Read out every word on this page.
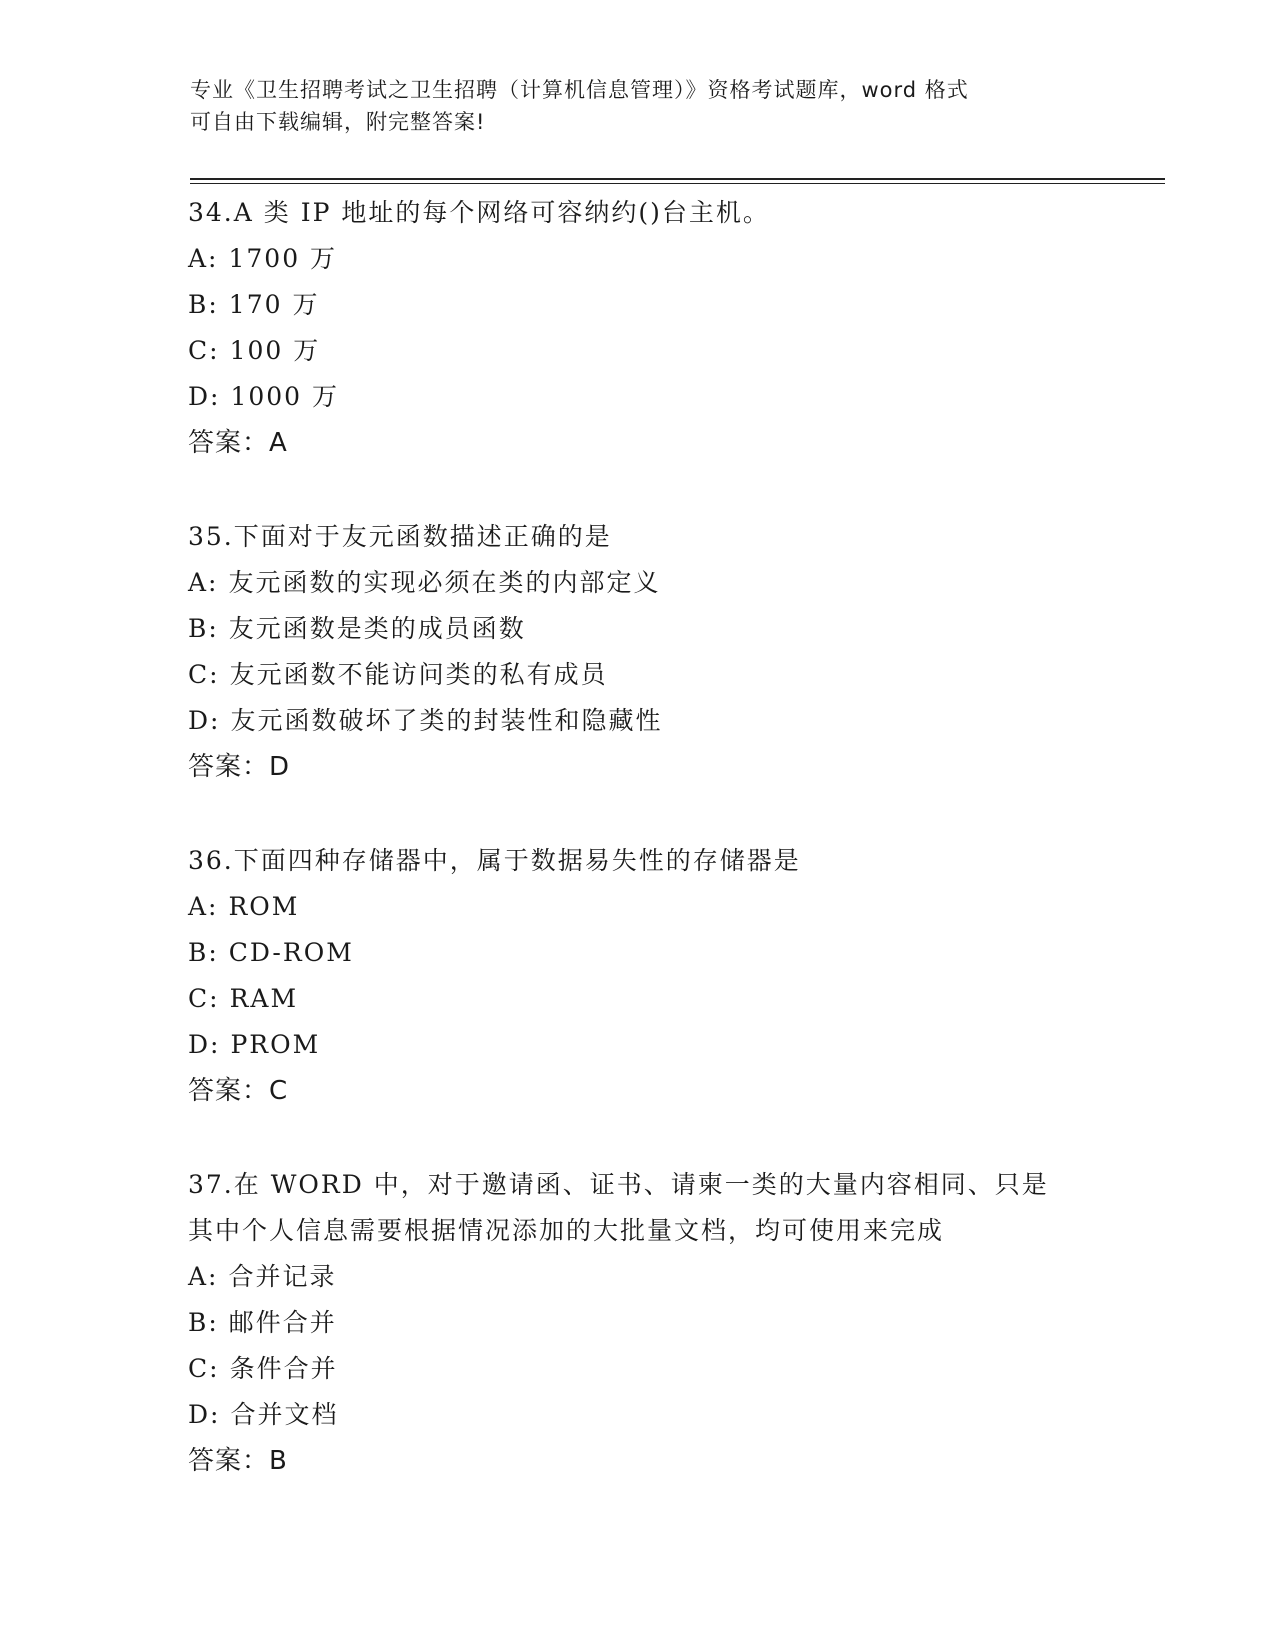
专业《卫生招聘考试之卫生招聘（计算机信息管理）》资格考试题库，word 格式

可自由下载编辑，附完整答案!

34.A 类 IP 地址的每个网络可容纳约()台主机。

A: 1700 万

B: 170 万

C: 100 万

D: 1000 万

答案：A

35.下面对于友元函数描述正确的是

A: 友元函数的实现必须在类的内部定义

B: 友元函数是类的成员函数

C: 友元函数不能访问类的私有成员

D: 友元函数破坏了类的封装性和隐藏性

答案：D

36.下面四种存储器中，属于数据易失性的存储器是

A: ROM

B: CD-ROM

C: RAM

D: PROM

答案：C

37.在 WORD 中，对于邀请函、证书、请柬一类的大量内容相同、只是

其中个人信息需要根据情况添加的大批量文档，均可使用来完成

A: 合并记录

B: 邮件合并

C: 条件合并

D: 合并文档

答案：B
